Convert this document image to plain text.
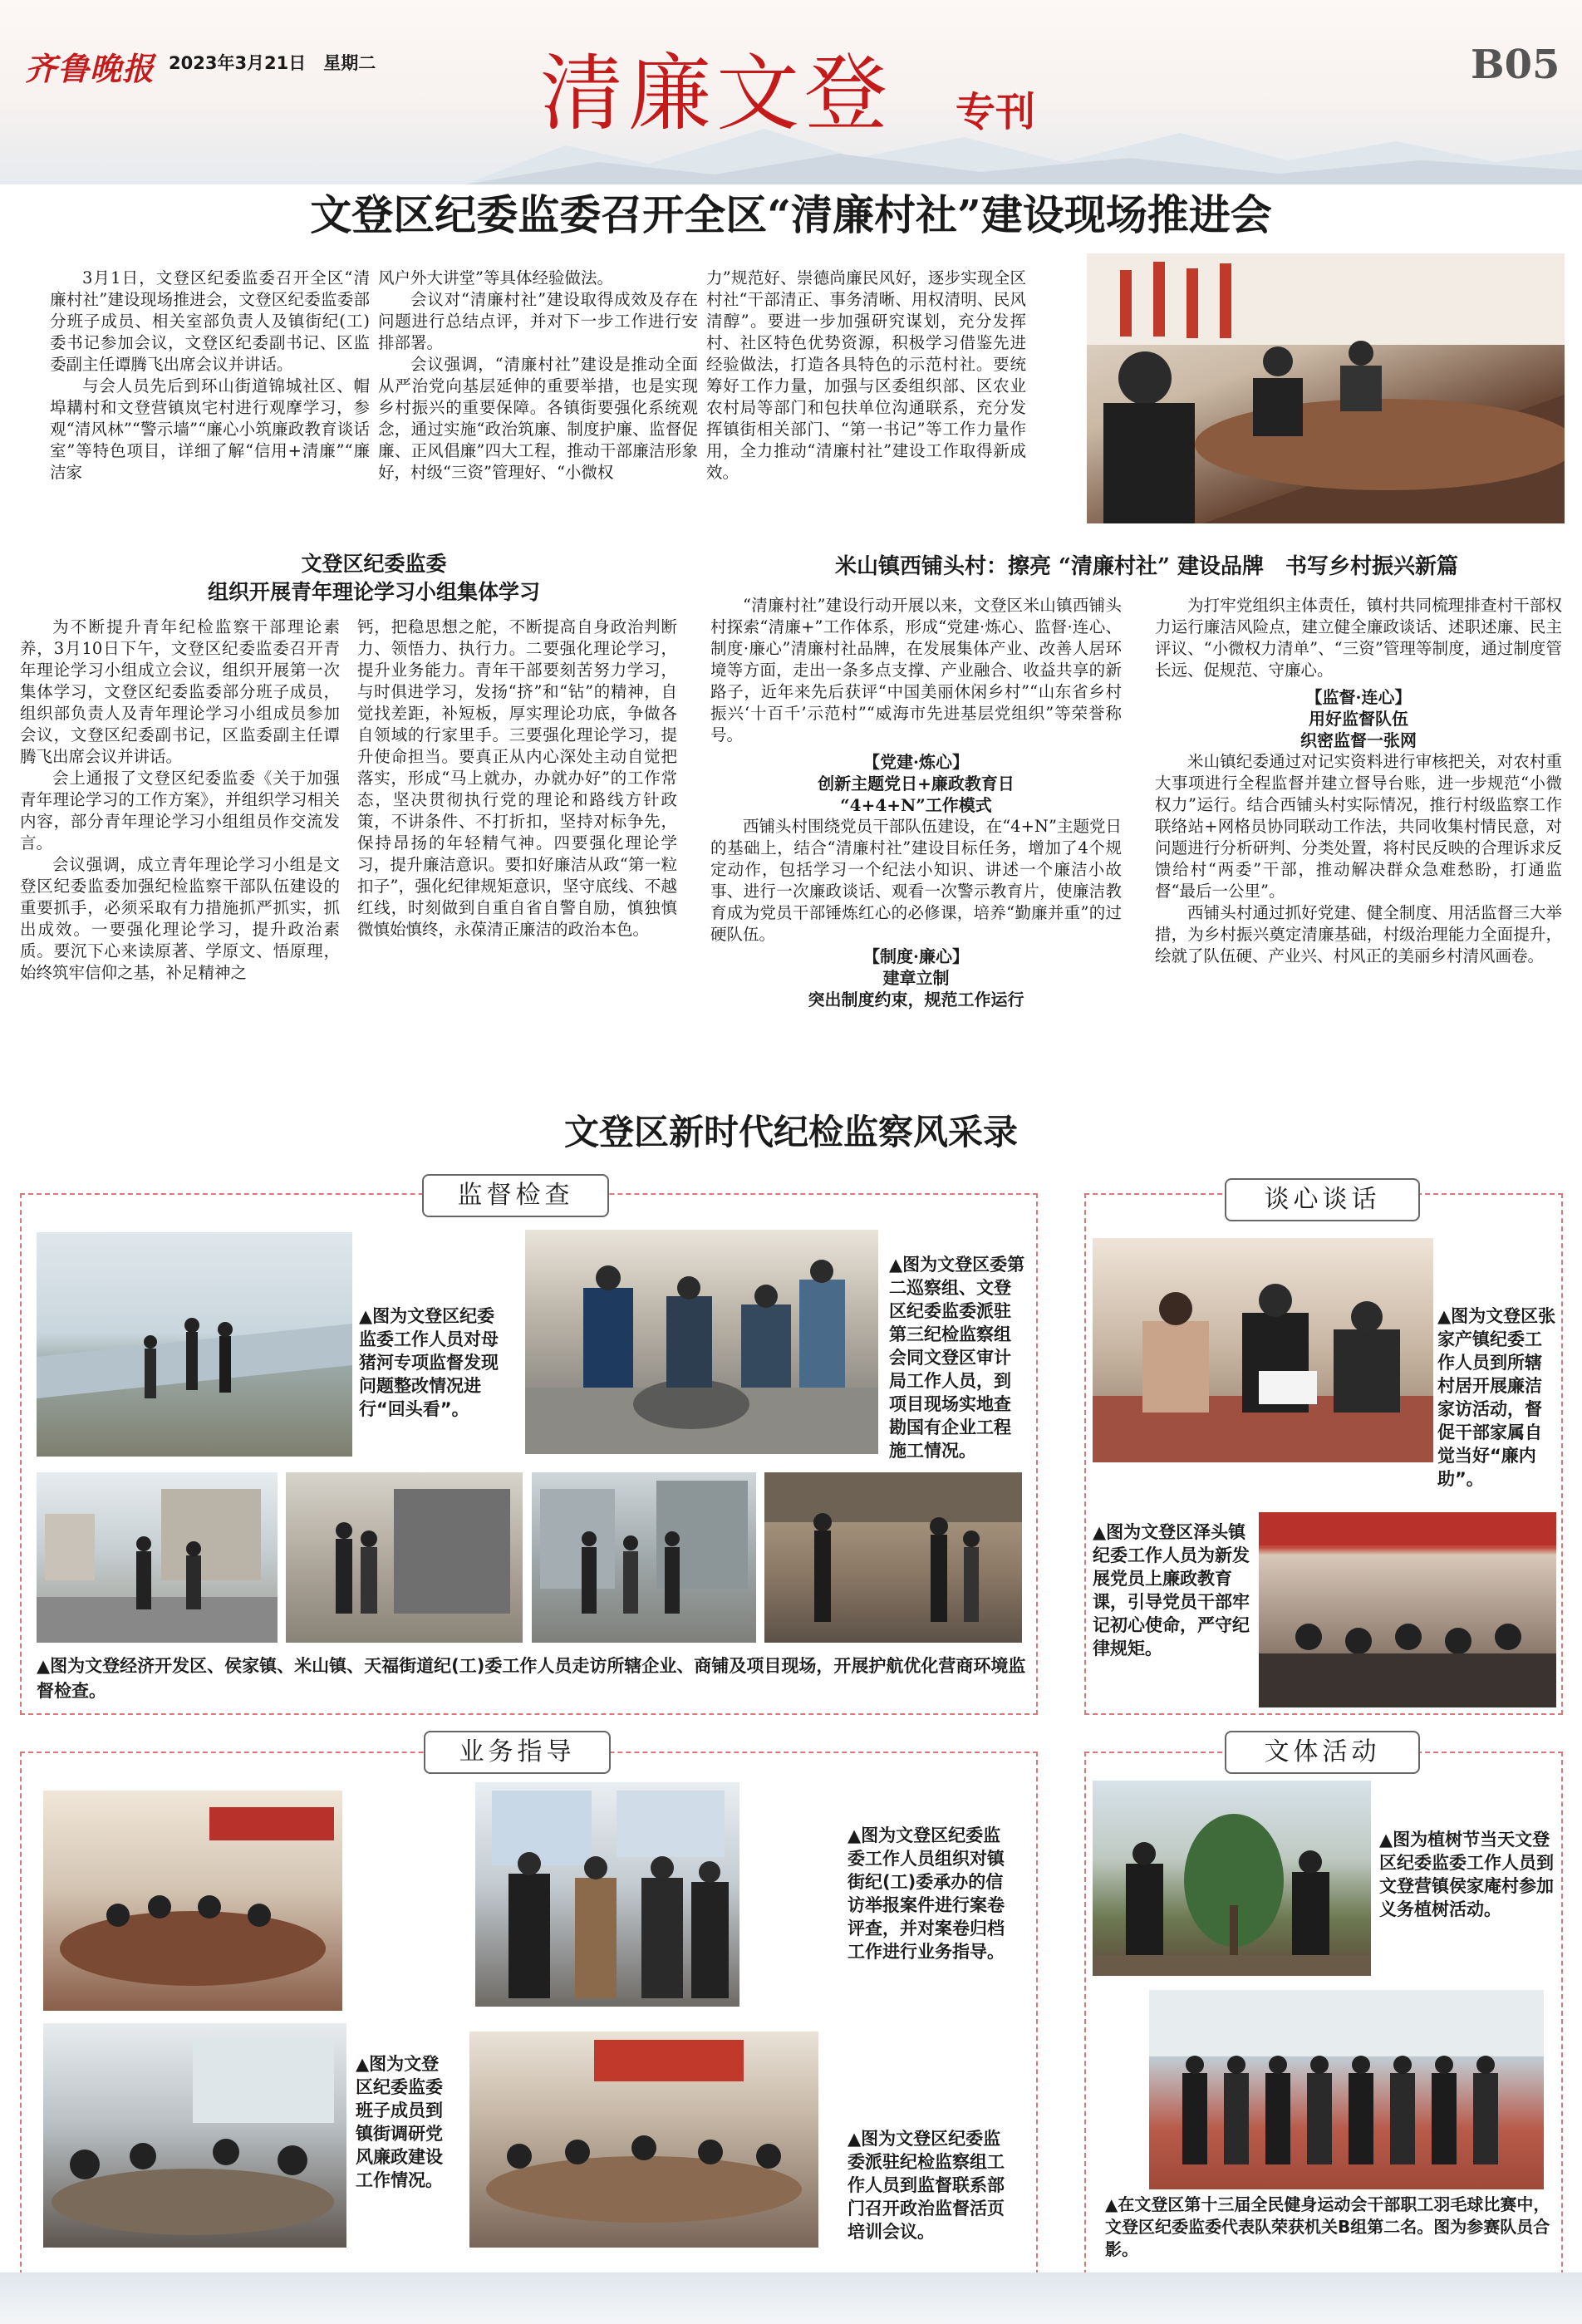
齐鲁晚报 2023年3月21日　 星期二 清廉文登 专刊
B05
文登区纪委监委召开全区“清廉村社”建设现场推进会

3月1日，文登区纪委监委召开全区“清廉村社”建设现场推进会，文登区纪委监委部分班子成员、相关室部负责人及镇街纪(工)委书记参加会议，文登区纪委副书记、区监委副主任谭腾飞出席会议并讲话。

与会人员先后到环山街道锦城社区、帽埠耩村和文登营镇岚宅村进行观摩学习，参观“清风林”“警示墙”“廉心小筑廉政教育谈话室”等特色项目，详细了解“信用+清廉”“廉洁家

风户外大讲堂”等具体经验做法。

会议对“清廉村社”建设取得成效及存在问题进行总结点评，并对下一步工作进行安排部署。

会议强调，“清廉村社”建设是推动全面从严治党向基层延伸的重要举措，也是实现乡村振兴的重要保障。各镇街要强化系统观念，通过实施“政治筑廉、制度护廉、监督促廉、正风倡廉”四大工程，推动干部廉洁形象好，村级“三资”管理好、“小微权

力”规范好、崇德尚廉民风好，逐步实现全区村社“干部清正、事务清晰、用权清明、民风清醇”。要进一步加强研究谋划，充分发挥村、社区特色优势资源，积极学习借鉴先进经验做法，打造各具特色的示范村社。要统筹好工作力量，加强与区委组织部、区农业农村局等部门和包扶单位沟通联系，充分发挥镇街相关部门、“第一书记”等工作力量作用，全力推动“清廉村社”建设工作取得新成效。

文登区纪委监委
组织开展青年理论学习小组集体学习

为不断提升青年纪检监察干部理论素养，3月10日下午，文登区纪委监委召开青年理论学习小组成立会议，组织开展第一次集体学习，文登区纪委监委部分班子成员，组织部负责人及青年理论学习小组成员参加会议，文登区纪委副书记，区监委副主任谭腾飞出席会议并讲话。

会上通报了文登区纪委监委《关于加强青年理论学习的工作方案》，并组织学习相关内容，部分青年理论学习小组组员作交流发言。

会议强调，成立青年理论学习小组是文登区纪委监委加强纪检监察干部队伍建设的重要抓手，必须采取有力措施抓严抓实，抓出成效。一要强化理论学习，提升政治素质。要沉下心来读原著、学原文、悟原理，始终筑牢信仰之基，补足精神之

钙，把稳思想之舵，不断提高自身政治判断力、领悟力、执行力。二要强化理论学习，提升业务能力。青年干部要刻苦努力学习，与时俱进学习，发扬“挤”和“钻”的精神，自觉找差距，补短板，厚实理论功底，争做各自领域的行家里手。三要强化理论学习，提升使命担当。要真正从内心深处主动自觉把落实，形成“马上就办，办就办好”的工作常态，坚决贯彻执行党的理论和路线方针政策，不讲条件、不打折扣，坚持对标争先，保持昂扬的年轻精气神。四要强化理论学习，提升廉洁意识。要扣好廉洁从政“第一粒扣子”，强化纪律规矩意识，坚守底线、不越红线，时刻做到自重自省自警自励，慎独慎微慎始慎终，永葆清正廉洁的政治本色。

米山镇西铺头村：擦亮 “清廉村社” 建设品牌　书写乡村振兴新篇

“清廉村社”建设行动开展以来，文登区米山镇西铺头村探索“清廉+”工作体系，形成“党建·炼心、监督·连心、制度·廉心”清廉村社品牌，在发展集体产业、改善人居环境等方面，走出一条多点支撑、产业融合、收益共享的新路子，近年来先后获评“中国美丽休闲乡村”“山东省乡村振兴‘十百千’示范村”“威海市先进基层党组织”等荣誉称号。

【党建·炼心】
创新主题党日+廉政教育日
“4+4+N”工作模式

西铺头村围绕党员干部队伍建设，在“4+N”主题党日的基础上，结合“清廉村社”建设目标任务，增加了4个规定动作，包括学习一个纪法小知识、讲述一个廉洁小故事、进行一次廉政谈话、观看一次警示教育片，使廉洁教育成为党员干部锤炼红心的必修课，培养“勤廉并重”的过硬队伍。

【制度·廉心】
建章立制
突出制度约束，规范工作运行

为打牢党组织主体责任，镇村共同梳理排查村干部权力运行廉洁风险点，建立健全廉政谈话、述职述廉、民主评议、“小微权力清单”、“三资”管理等制度，通过制度管长远、促规范、守廉心。

【监督·连心】
用好监督队伍
织密监督一张网

米山镇纪委通过对记实资料进行审核把关，对农村重大事项进行全程监督并建立督导台账，进一步规范“小微权力”运行。结合西铺头村实际情况，推行村级监察工作联络站+网格员协同联动工作法，共同收集村情民意，对问题进行分析研判、分类处置，将村民反映的合理诉求反馈给村“两委”干部，推动解决群众急难愁盼，打通监督“最后一公里”。

西铺头村通过抓好党建、健全制度、用活监督三大举措，为乡村振兴奠定清廉基础，村级治理能力全面提升，绘就了队伍硬、产业兴、村风正的美丽乡村清风画卷。

文登区新时代纪检监察风采录
监督检查
▲图为文登区纪委监委工作人员对母猪河专项监督发现问题整改情况进行“回头看”。
▲图为文登区委第二巡察组、文登区纪委监委派驻第三纪检监察组会同文登区审计局工作人员，到项目现场实地查勘国有企业工程施工情况。
▲图为文登经济开发区、侯家镇、米山镇、天福街道纪(工)委工作人员走访所辖企业、商铺及项目现场，开展护航优化营商环境监督检查。
谈心谈话
▲图为文登区张家产镇纪委工作人员到所辖村居开展廉洁家访活动，督促干部家属自觉当好“廉内助”。
▲图为文登区泽头镇纪委工作人员为新发展党员上廉政教育课，引导党员干部牢记初心使命，严守纪律规矩。
业务指导
▲图为文登区纪委监委工作人员组织对镇街纪(工)委承办的信访举报案件进行案卷评查，并对案卷归档工作进行业务指导。
▲图为文登区纪委监委班子成员到镇街调研党风廉政建设工作情况。
▲图为文登区纪委监委派驻纪检监察组工作人员到监督联系部门召开政治监督活页培训会议。
文体活动
▲图为植树节当天文登区纪委监委工作人员到文登营镇侯家庵村参加义务植树活动。
▲在文登区第十三届全民健身运动会干部职工羽毛球比赛中，文登区纪委监委代表队荣获机关B组第二名。图为参赛队员合影。
